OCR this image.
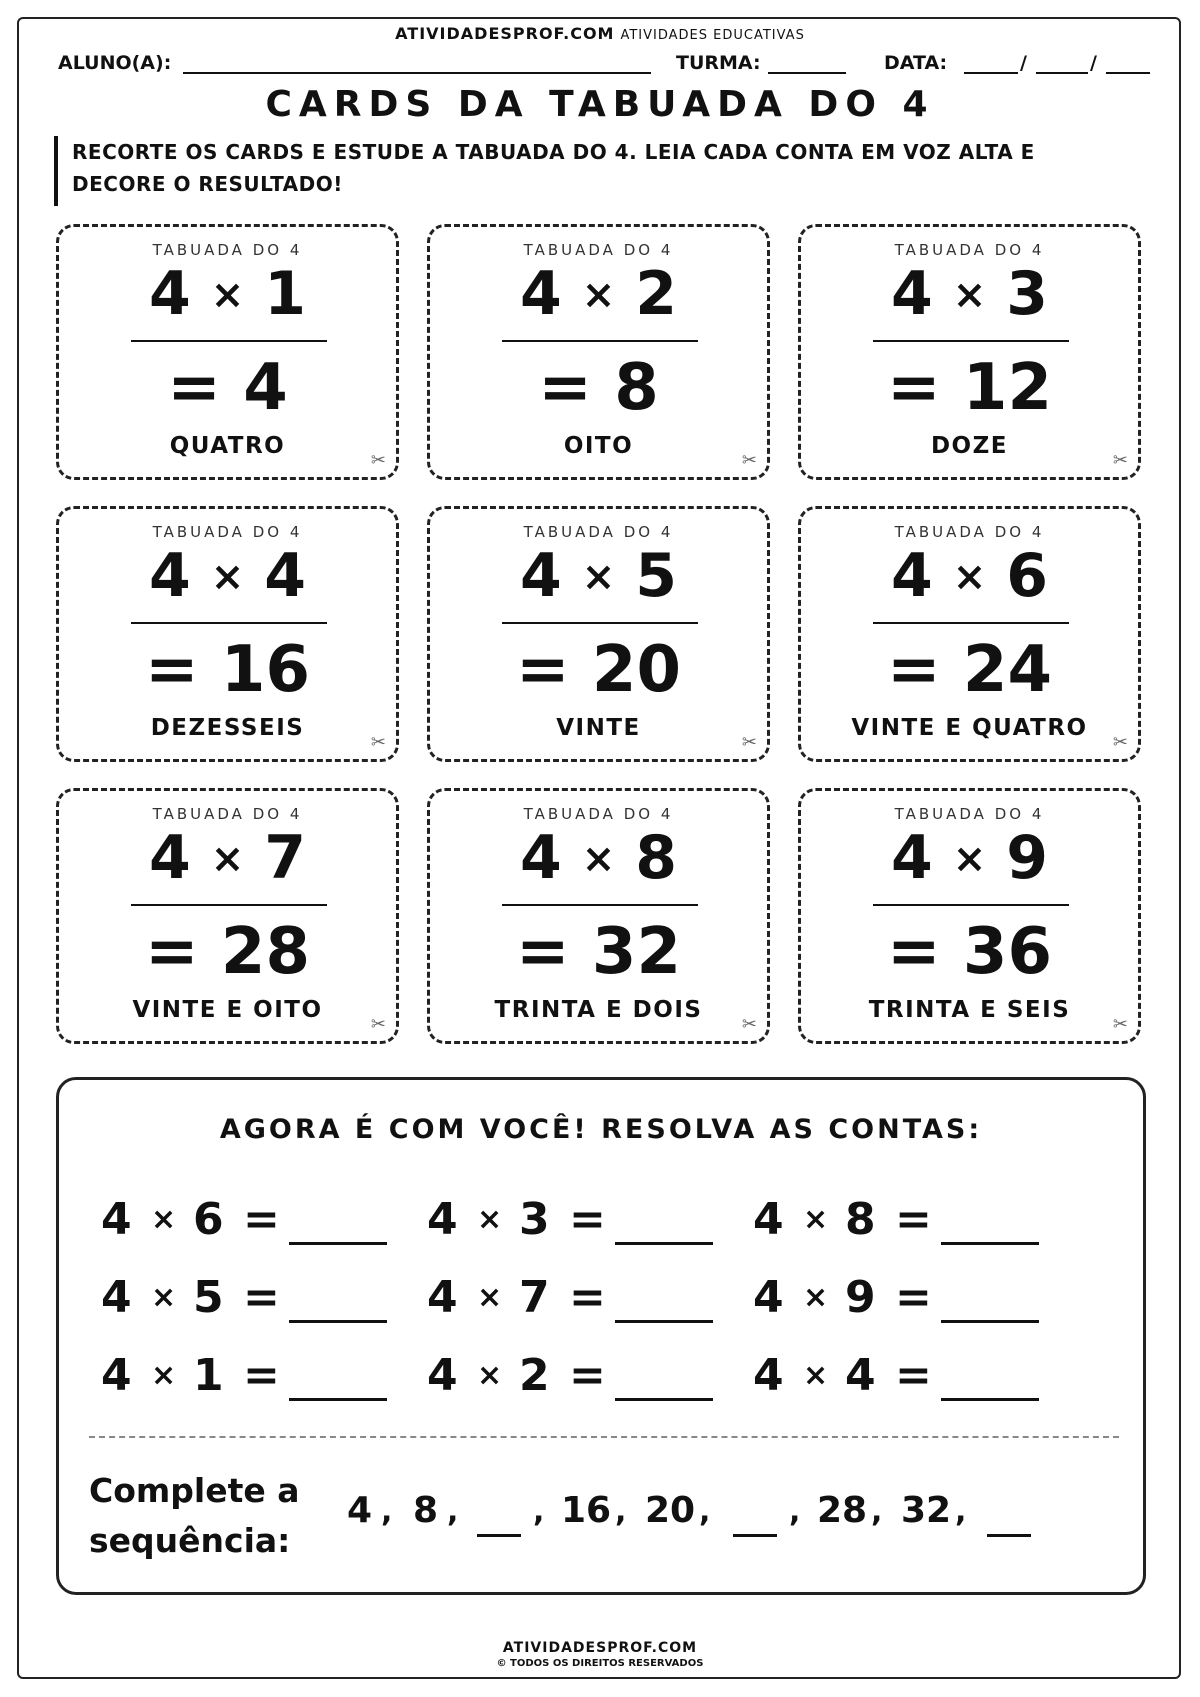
ATIVIDADESPROF.COM ATIVIDADES EDUCATIVAS
ALUNO(A):	TURMA:	DATA:	/	/
CARDS DA TABUADA DO 4
RECORTE OS CARDS E ESTUDE A TABUADA DO 4. LEIA CADA CONTA EM VOZ ALTA E
DECORE O RESULTADO!
TABUADA DO 4
4 × 1
= 4
QUATRO
✂
TABUADA DO 4
4 × 2
= 8
OITO
✂
TABUADA DO 4
4 × 3
= 12
DOZE
✂
TABUADA DO 4
4 × 4
= 16
DEZESSEIS
✂
TABUADA DO 4
4 × 5
= 20
VINTE
✂
TABUADA DO 4
4 × 6
= 24
VINTE E QUATRO
✂
TABUADA DO 4
4 × 7
= 28
VINTE E OITO
✂
TABUADA DO 4
4 × 8
= 32
TRINTA E DOIS
✂
TABUADA DO 4
4 × 9
= 36
TRINTA E SEIS
✂
AGORA É COM VOCÊ! RESOLVA AS CONTAS:
4 × 6 =	4 × 3 =	4 × 8 =
4 × 5 =	4 × 7 =	4 × 9 =
4 × 1 =	4 × 2 =	4 × 4 =
Complete a
sequência:
4 , 8 , , 16 , 20 ,	, 28 , 32 ,
ATIVIDADESPROF.COM
© TODOS OS DIREITOS RESERVADOS
